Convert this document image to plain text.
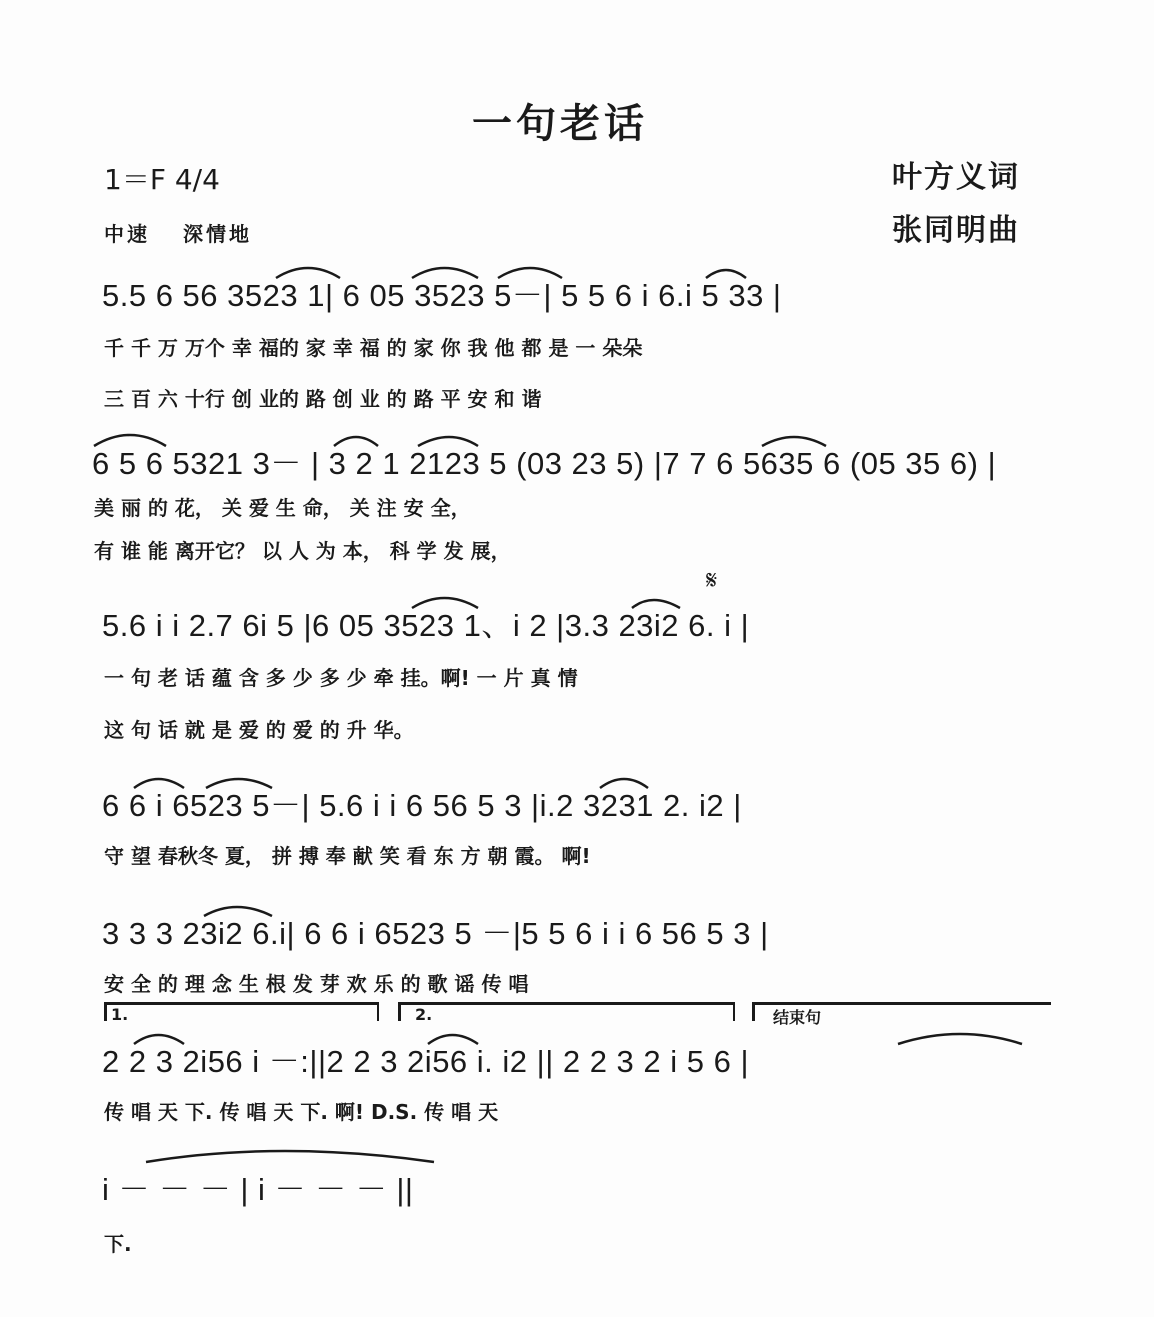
一句老话
1＝F 4/4
中速　 深情地
叶方义词
张同明曲
5.5 6 56 3523 1| 6 05 3523 5－| 5 5 6 i 6.i 5 33 |
千 千 万 万个 幸 福的 家 幸 福 的 家 你 我 他 都 是 一 朵朵
三 百 六 十行 创 业的 路 创 业 的 路 平 安 和 谐
6 5 6 5321 3－ | 3 2 1 2123 5 (03 23 5) |7 7 6 5635 6 (05 35 6) |
美 丽 的 花， 关 爱 生 命， 关 注 安 全，
有 谁 能 离开它？ 以 人 为 本， 科 学 发 展，
𝄋
5.6 i i 2.7 6i 5 |6 05 3523 1、i 2 |3.3 23i2 6. i |
一 句 老 话 蕴 含 多 少 多 少 牵 挂。啊! 一 片 真 情
这 句 话 就 是 爱 的 爱 的 升 华。
6 6 i 6523 5－| 5.6 i i 6 56 5 3 |i.2 3231 2. i2 |
守 望 春秋冬 夏， 拼 搏 奉 献 笑 看 东 方 朝 霞。 啊!
3 3 3 23i2 6.i| 6 6 i 6523 5 －|5 5 6 i i 6 56 5 3 |
安 全 的 理 念 生 根 发 芽 欢 乐 的 歌 谣 传 唱
1.	2.	结束句
2 2 3 2i56 i －:||2 2 3 2i56 i. i2 || 2 2 3 2 i 5 6 |
传 唱 天 下. 传 唱 天 下. 啊! D.S. 传 唱 天
i － － － | i － － － ||
下.
